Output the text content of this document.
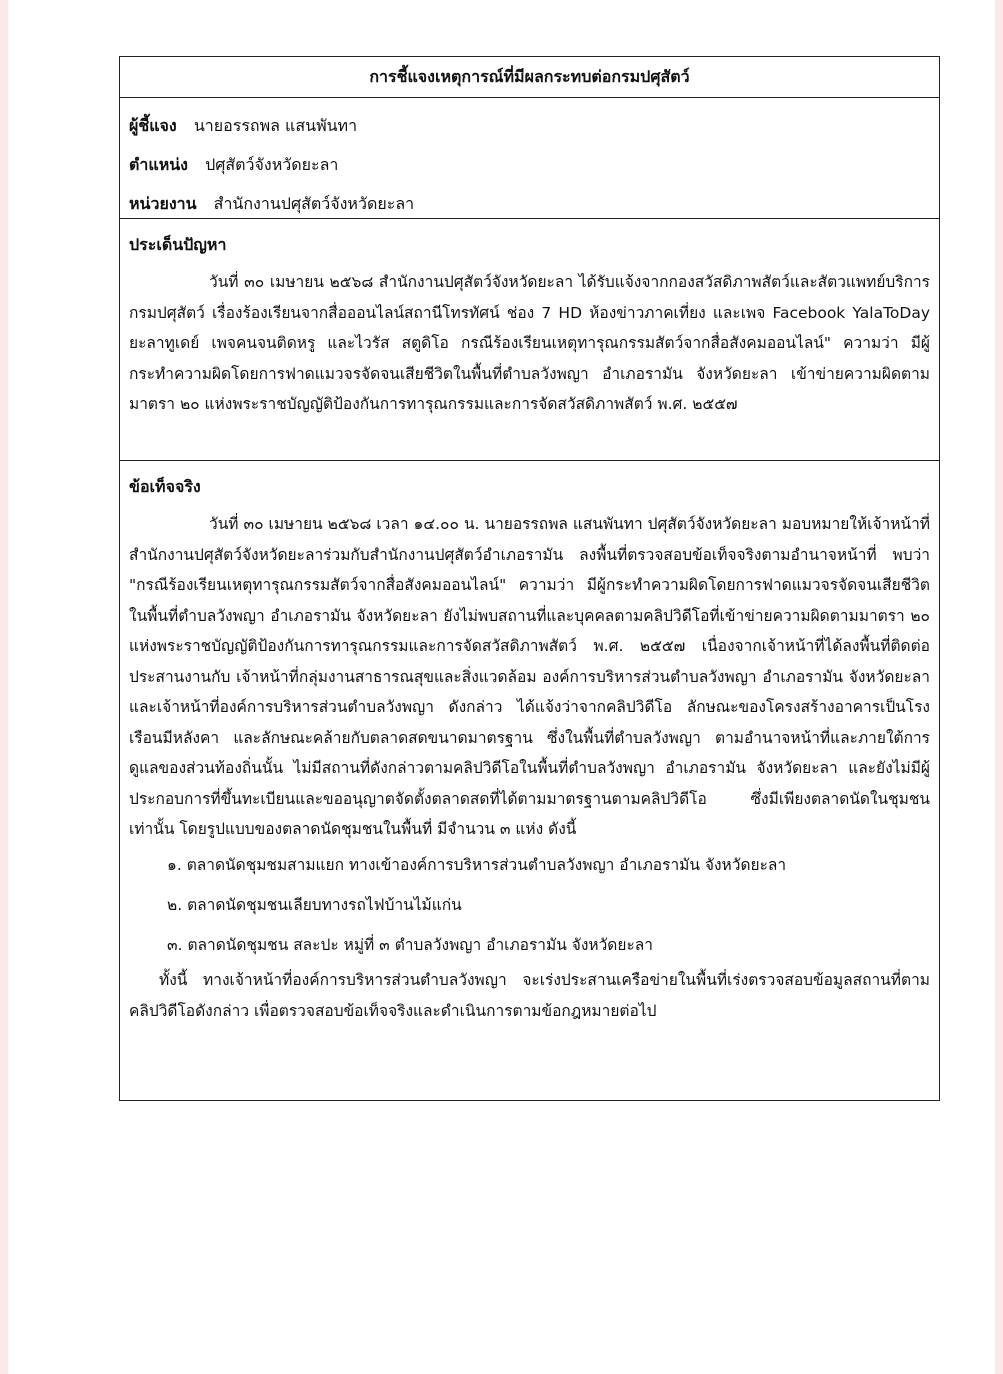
การชี้แจงเหตุการณ์ที่มีผลกระทบต่อกรมปศุสัตว์
ผู้ชี้แจง นายอรรถพล แสนพันทา
ตำแหน่ง ปศุสัตว์จังหวัดยะลา
หน่วยงาน สำนักงานปศุสัตว์จังหวัดยะลา
ประเด็นปัญหา

วันที่ ๓๐ เมษายน ๒๕๖๘ สำนักงานปศุสัตว์จังหวัดยะลา ได้รับแจ้งจากกองสวัสดิภาพสัตว์และสัตวแพทย์บริการ กรมปศุสัตว์ เรื่องร้องเรียนจากสื่อออนไลน์สถานีโทรทัศน์ ช่อง 7 HD ห้องข่าวภาคเที่ยง และเพจ Facebook YalaToDay ยะลาทูเดย์ เพจคนจนติดหรู และไวรัส สตูดิโอ กรณีร้องเรียนเหตุทารุณกรรมสัตว์จากสื่อสังคมออนไลน์" ความว่า มีผู้กระทำความผิดโดยการฟาดแมวจรจัดจนเสียชีวิตในพื้นที่ตำบลวังพญา อำเภอรามัน จังหวัดยะลา เข้าข่ายความผิดตามมาตรา ๒๐ แห่งพระราชบัญญัติป้องกันการทารุณกรรมและการจัดสวัสดิภาพสัตว์ พ.ศ. ๒๕๕๗

ข้อเท็จจริง

วันที่ ๓๐ เมษายน ๒๕๖๘ เวลา ๑๔.๐๐ น. นายอรรถพล แสนพันทา ปศุสัตว์จังหวัดยะลา มอบหมายให้เจ้าหน้าที่สำนักงานปศุสัตว์จังหวัดยะลาร่วมกับสำนักงานปศุสัตว์อำเภอรามัน ลงพื้นที่ตรวจสอบข้อเท็จจริงตามอำนาจหน้าที่ พบว่า "กรณีร้องเรียนเหตุทารุณกรรมสัตว์จากสื่อสังคมออนไลน์" ความว่า มีผู้กระทำความผิดโดยการฟาดแมวจรจัดจนเสียชีวิตในพื้นที่ตำบลวังพญา อำเภอรามัน จังหวัดยะลา ยังไม่พบสถานที่และบุคคลตามคลิปวิดีโอที่เข้าข่ายความผิดตามมาตรา ๒๐ แห่งพระราชบัญญัติป้องกันการทารุณกรรมและการจัดสวัสดิภาพสัตว์ พ.ศ. ๒๕๕๗ เนื่องจากเจ้าหน้าที่ได้ลงพื้นที่ติดต่อประสานงานกับ เจ้าหน้าที่กลุ่มงานสาธารณสุขและสิ่งแวดล้อม องค์การบริหารส่วนตำบลวังพญา อำเภอรามัน จังหวัดยะลา และเจ้าหน้าที่องค์การบริหารส่วนตำบลวังพญา ดังกล่าว ได้แจ้งว่าจากคลิปวิดีโอ ลักษณะของโครงสร้างอาคารเป็นโรงเรือนมีหลังคา และลักษณะคล้ายกับตลาดสดขนาดมาตรฐาน ซึ่งในพื้นที่ตำบลวังพญา ตามอำนาจหน้าที่และภายใต้การดูแลของส่วนท้องถิ่นนั้น ไม่มีสถานที่ดังกล่าวตามคลิปวิดีโอในพื้นที่ตำบลวังพญา อำเภอรามัน จังหวัดยะลา และยังไม่มีผู้ประกอบการที่ขึ้นทะเบียนและขออนุญาตจัดตั้งตลาดสดที่ได้ตามมาตรฐานตามคลิปวิดีโอ ซึ่งมีเพียงตลาดนัดในชุมชน เท่านั้น โดยรูปแบบของตลาดนัดชุมชนในพื้นที่ มีจำนวน ๓ แห่ง ดังนี้

๑. ตลาดนัดชุมชมสามแยก ทางเข้าองค์การบริหารส่วนตำบลวังพญา อำเภอรามัน จังหวัดยะลา
๒. ตลาดนัดชุมชนเลียบทางรถไฟบ้านไม้แก่น
๓. ตลาดนัดชุมชน สละปะ หมู่ที่ ๓ ตำบลวังพญา อำเภอรามัน จังหวัดยะลา

ทั้งนี้ ทางเจ้าหน้าที่องค์การบริหารส่วนตำบลวังพญา จะเร่งประสานเครือข่ายในพื้นที่เร่งตรวจสอบข้อมูลสถานที่ตามคลิปวิดีโอดังกล่าว เพื่อตรวจสอบข้อเท็จจริงและดำเนินการตามข้อกฎหมายต่อไป
